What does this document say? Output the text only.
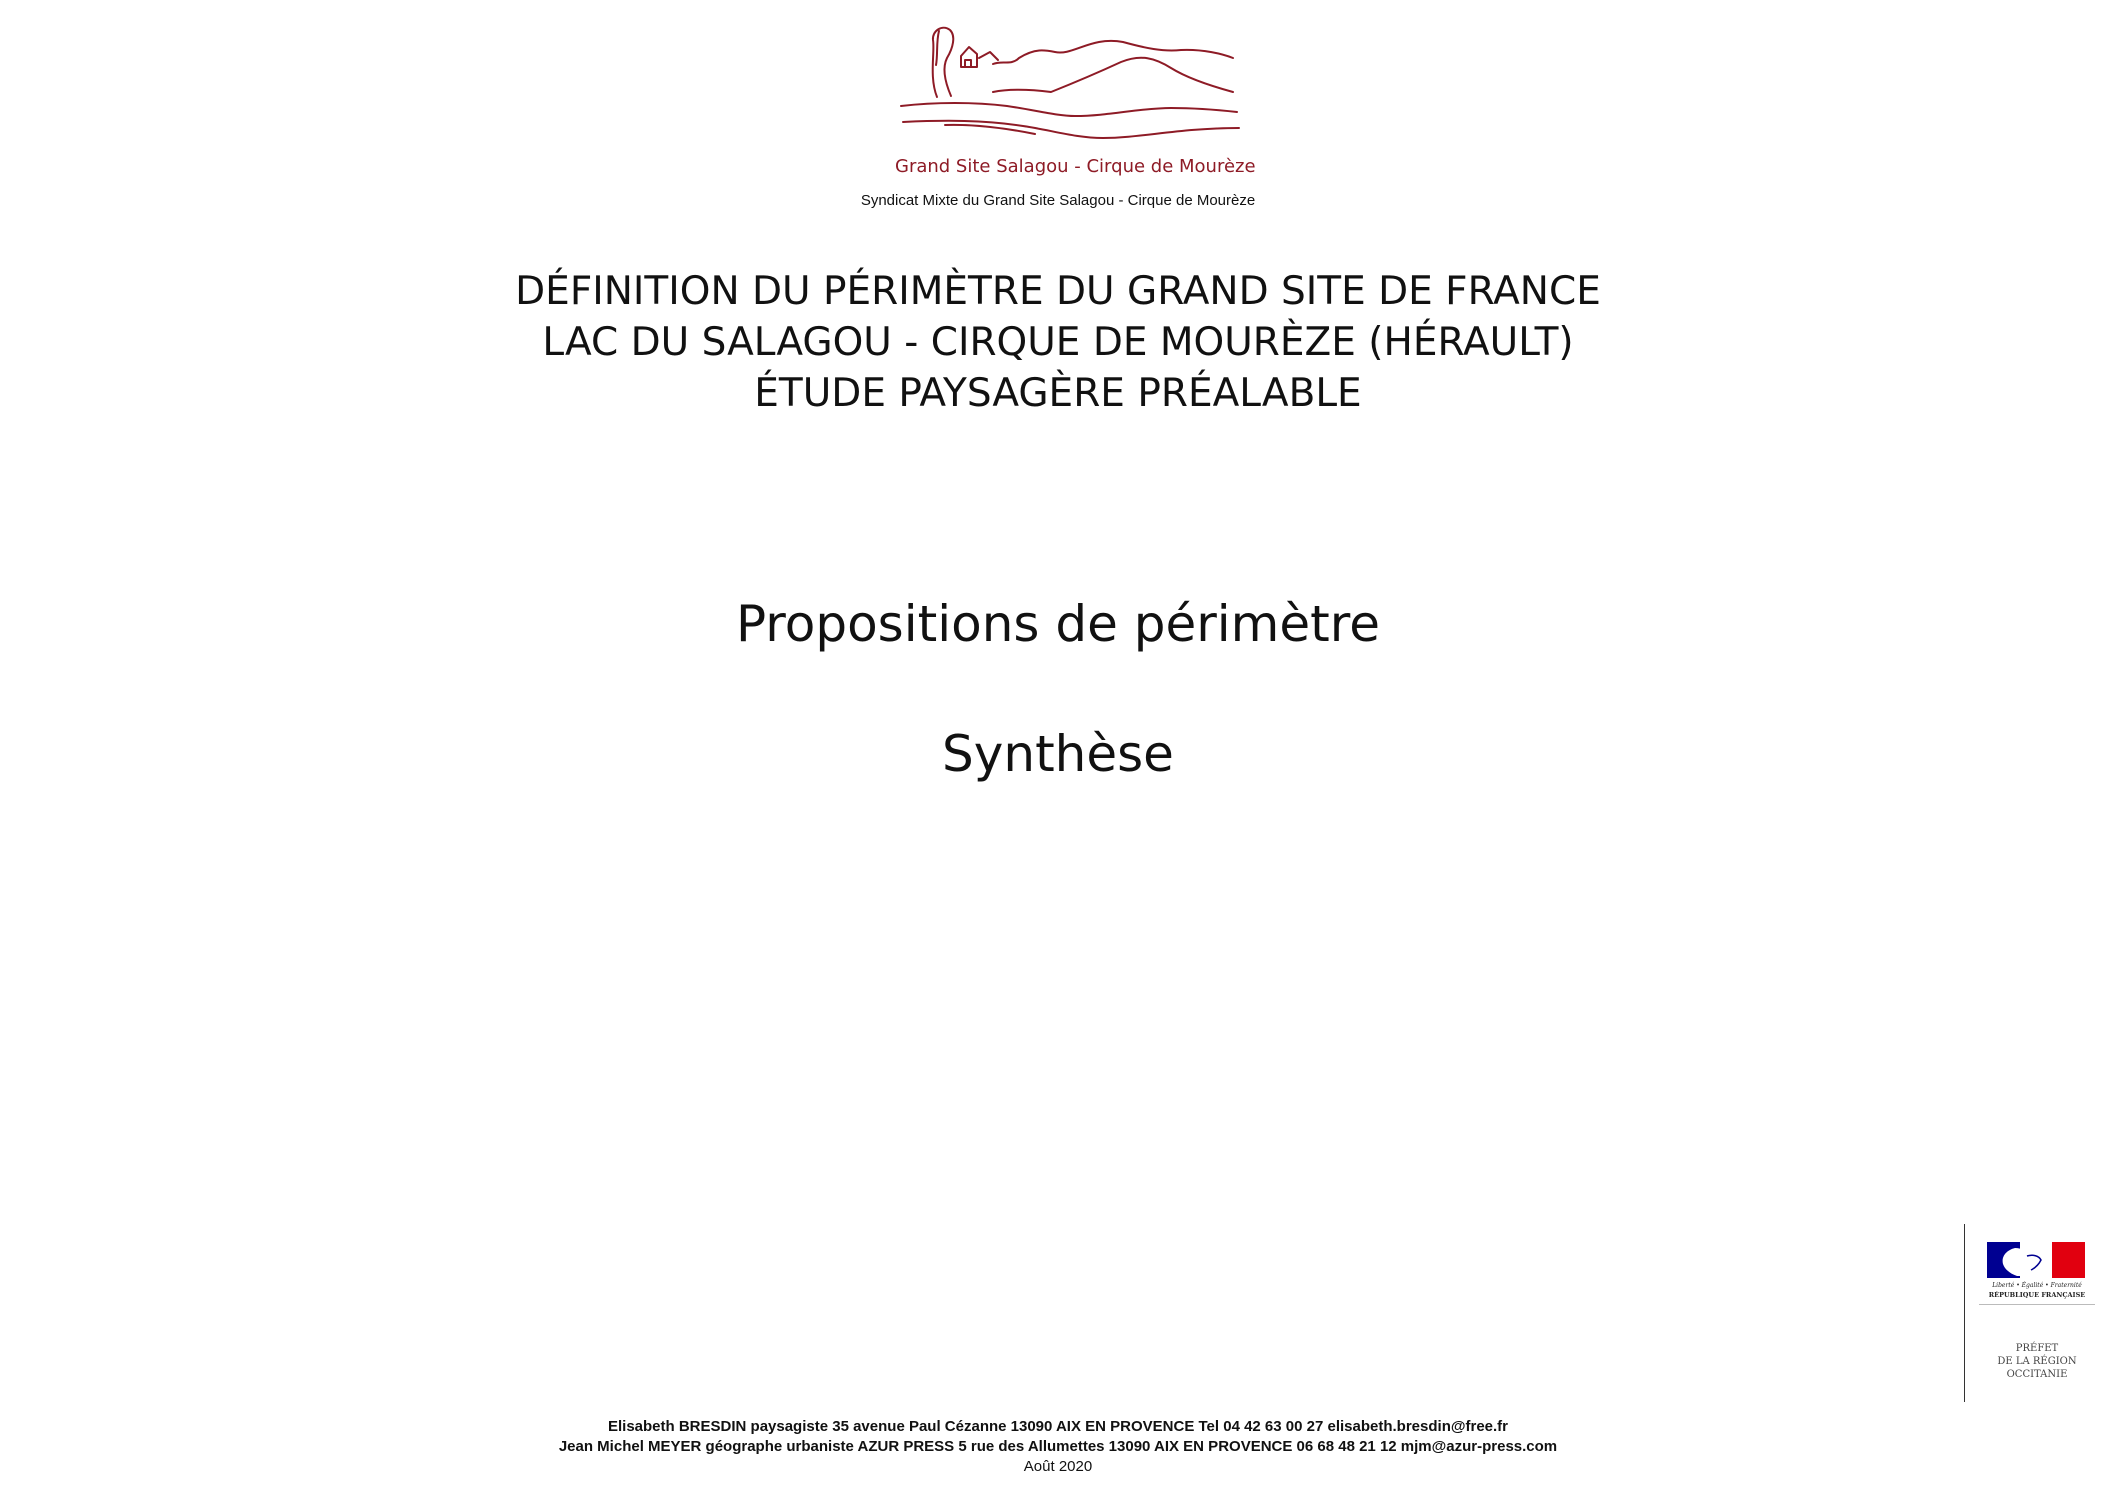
Grand Site Salagou - Cirque de Mourèze
Syndicat Mixte du Grand Site Salagou - Cirque de Mourèze
DÉFINITION DU PÉRIMÈTRE DU GRAND SITE DE FRANCE
LAC DU SALAGOU - CIRQUE DE MOURÈZE (HÉRAULT)
ÉTUDE PAYSAGÈRE PRÉALABLE
Propositions de périmètre
Synthèse
Liberté • Égalité • Fraternité
RÉPUBLIQUE FRANÇAISE
PRÉFET
DE LA RÉGION
OCCITANIE
Elisabeth BRESDIN paysagiste 35 avenue Paul Cézanne 13090 AIX EN PROVENCE Tel 04 42 63 00 27 elisabeth.bresdin@free.fr
Jean Michel MEYER géographe urbaniste AZUR PRESS 5 rue des Allumettes 13090 AIX EN PROVENCE 06 68 48 21 12 mjm@azur-press.com
Août 2020
